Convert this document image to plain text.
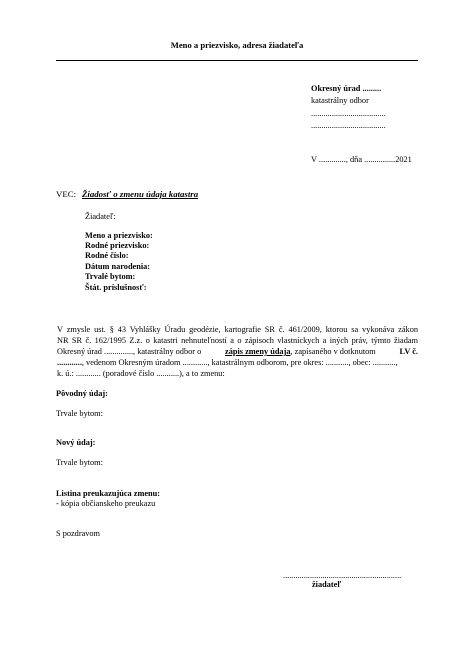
Meno a priezvisko, adresa žiadateľa
Okresný úrad .........
katastrálny odbor
....................................
....................................
V ............., dňa ...............2021
VEC: Žiadosť o zmenu údaja katastra
Žiadateľ:
Meno a priezvisko:
Rodné priezvisko:
Rodné číslo:
Dátum narodenia:
Trvalé bytom:
Štát. príslušnosť:
V zmysle ust. § 43 Vyhlášky Úradu geodézie, kartografie SR č. 461/2009, ktorou sa vykonáva zákon
NR SR č. 162/1995 Z.z. o katastri nehnuteľností a o zápisoch vlastníckych a iných práv, týmto žiadam
Okresný úrad .............., katastrálny odbor o	zápis zmeny údaja, zapísaného v dotknutom	LV č.
............, vedenom Okresným úradom ............, katastrálnym odborom, pre okres: ..........., obec: ...........,
k. ú.: ............ (poradové číslo ...........), a to zmenu:
Pôvodný údaj:
Trvale bytom:
Nový údaj:
Trvale bytom:
Listina preukazujúca zmenu:
- kópia občianskeho preukazu
S pozdravom
.........................................................
žiadateľ
